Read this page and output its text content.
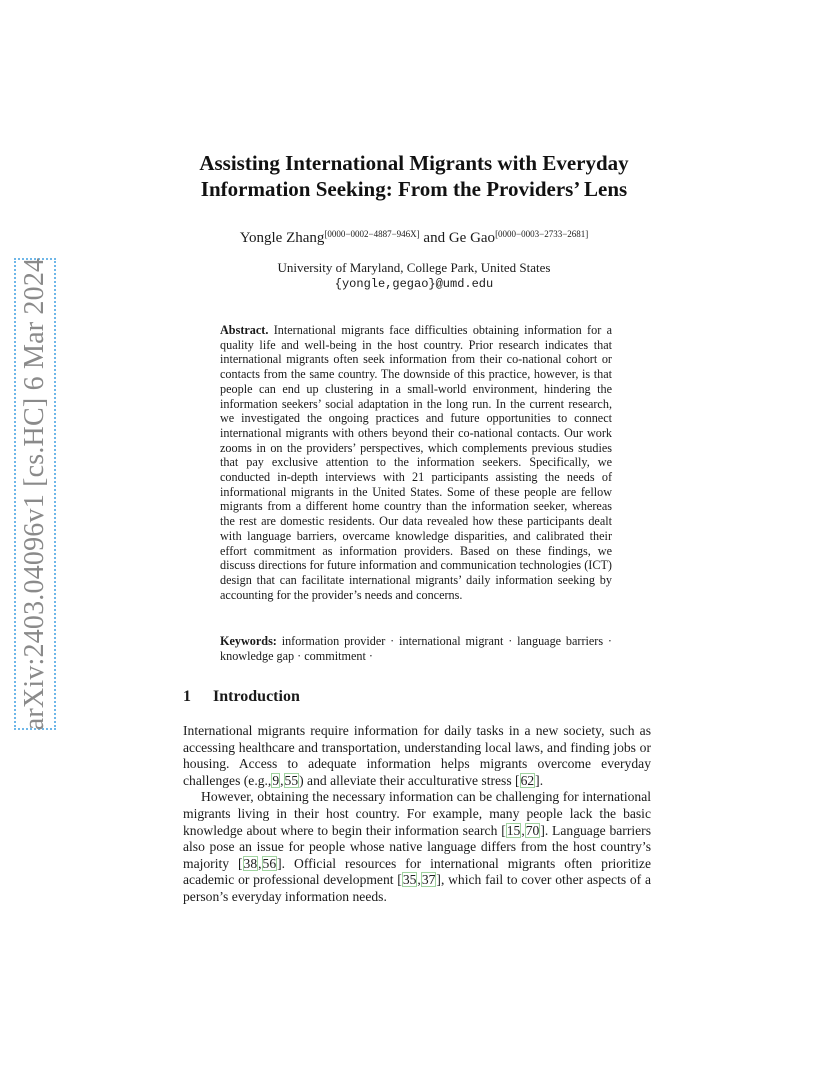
arXiv:2403.04096v1 [cs.HC] 6 Mar 2024
Assisting International Migrants with Everyday
Information Seeking: From the Providers’ Lens
Yongle Zhang[0000−0002−4887−946X] and Ge Gao[0000−0003−2733−2681]
University of Maryland, College Park, United States
{yongle,gegao}@umd.edu
Abstract. International migrants face difficulties obtaining information for a quality life and well-being in the host country. Prior research indicates that international migrants often seek information from their co-national cohort or contacts from the same country. The downside of this practice, however, is that people can end up clustering in a small-world environment, hindering the information seekers’ social adaptation in the long run. In the current research, we investigated the ongoing practices and future opportunities to connect international migrants with others beyond their co-national contacts. Our work zooms in on the providers’ perspectives, which complements previous studies that pay exclusive attention to the information seekers. Specifically, we conducted in-depth interviews with 21 participants assisting the needs of informational migrants in the United States. Some of these people are fellow migrants from a different home country than the information seeker, whereas the rest are domestic residents. Our data revealed how these participants dealt with language barriers, overcame knowledge disparities, and calibrated their effort commitment as information providers. Based on these findings, we discuss directions for future information and communication technologies (ICT) design that can facilitate international migrants’ daily information seeking by accounting for the provider’s needs and concerns.
Keywords: information provider · international migrant · language barriers · knowledge gap · commitment ·
1 Introduction

International migrants require information for daily tasks in a new society, such as accessing healthcare and transportation, understanding local laws, and finding jobs or housing. Access to adequate information helps migrants overcome everyday challenges (e.g.,9,55) and alleviate their acculturative stress [62].

However, obtaining the necessary information can be challenging for international migrants living in their host country. For example, many people lack the basic knowledge about where to begin their information search [15,70]. Language barriers also pose an issue for people whose native language differs from the host country’s majority [38,56]. Official resources for international migrants often prioritize academic or professional development [35,37], which fail to cover other aspects of a person’s everyday information needs.
